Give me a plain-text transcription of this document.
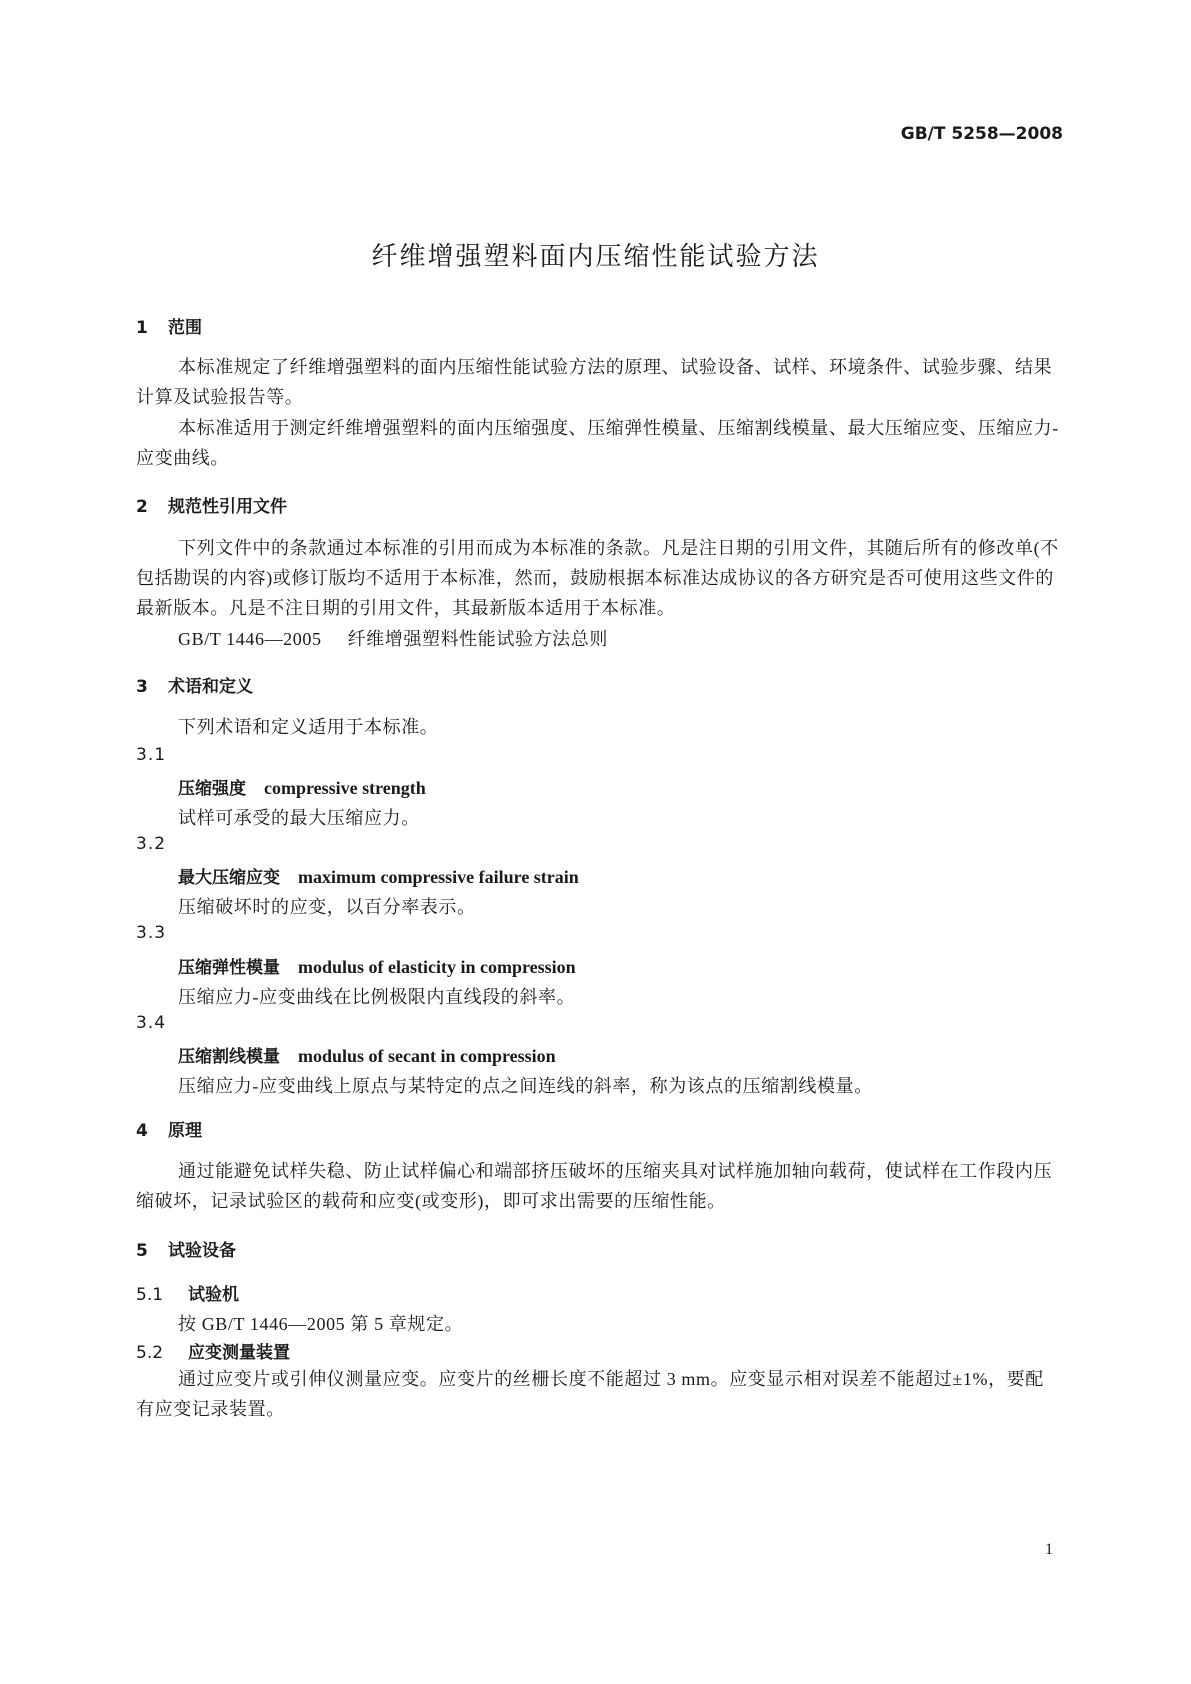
GB/T 5258—2008
纤维增强塑料面内压缩性能试验方法
1 范围
本标准规定了纤维增强塑料的面内压缩性能试验方法的原理、试验设备、试样、环境条件、试验步骤、结果计算及试验报告等。
本标准适用于测定纤维增强塑料的面内压缩强度、压缩弹性模量、压缩割线模量、最大压缩应变、压缩应力-应变曲线。
2 规范性引用文件
下列文件中的条款通过本标准的引用而成为本标准的条款。凡是注日期的引用文件，其随后所有的修改单(不包括勘误的内容)或修订版均不适用于本标准，然而，鼓励根据本标准达成协议的各方研究是否可使用这些文件的最新版本。凡是不注日期的引用文件，其最新版本适用于本标准。
GB/T 1446—2005 纤维增强塑料性能试验方法总则
3 术语和定义
下列术语和定义适用于本标准。
3.1
压缩强度 compressive strength
试样可承受的最大压缩应力。
3.2
最大压缩应变 maximum compressive failure strain
压缩破坏时的应变，以百分率表示。
3.3
压缩弹性模量 modulus of elasticity in compression
压缩应力-应变曲线在比例极限内直线段的斜率。
3.4
压缩割线模量 modulus of secant in compression
压缩应力-应变曲线上原点与某特定的点之间连线的斜率，称为该点的压缩割线模量。
4 原理
通过能避免试样失稳、防止试样偏心和端部挤压破坏的压缩夹具对试样施加轴向载荷，使试样在工作段内压缩破坏，记录试验区的载荷和应变(或变形)，即可求出需要的压缩性能。
5 试验设备
5.1 试验机
按 GB/T 1446—2005 第 5 章规定。
5.2 应变测量装置
通过应变片或引伸仪测量应变。应变片的丝栅长度不能超过 3 mm。应变显示相对误差不能超过±1%，要配有应变记录装置。
1
